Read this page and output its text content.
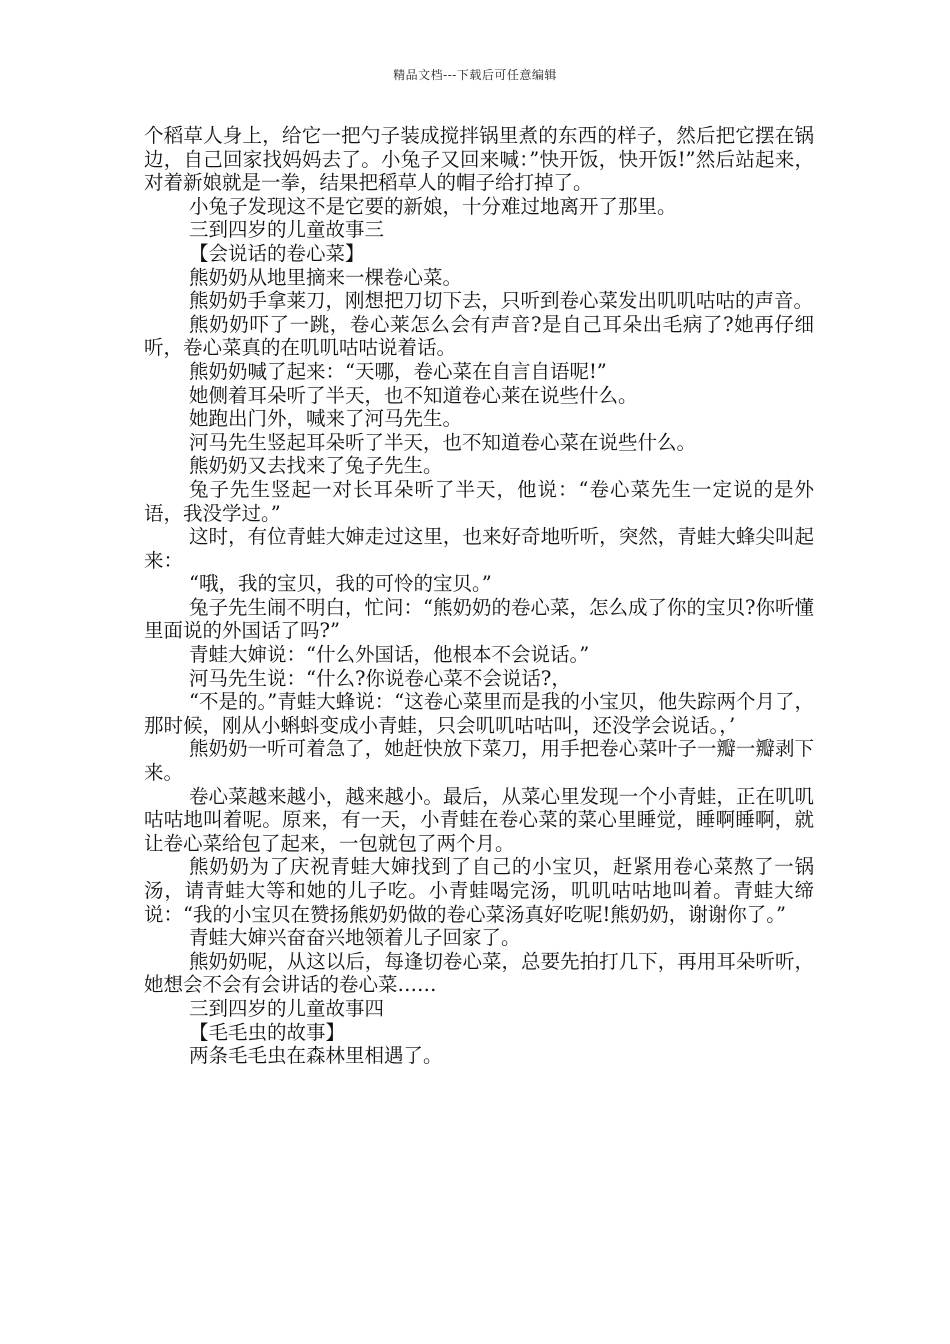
精品文档---下载后可任意编辑

个稻草人身上，给它一把勺子装成搅拌锅里煮的东西的样子，然后把它摆在锅边，自己回家找妈妈去了。小兔子又回来喊：”快开饭，快开饭!”然后站起来，对着新娘就是一拳，结果把稻草人的帽子给打掉了。

小兔子发现这不是它要的新娘，十分难过地离开了那里。

三到四岁的儿童故事三

【会说话的卷心菜】

熊奶奶从地里摘来一棵卷心菜。

熊奶奶手拿莱刀，刚想把刀切下去，只听到卷心菜发出叽叽咕咕的声音。

熊奶奶吓了一跳，卷心莱怎么会有声音?是自己耳朵出毛病了?她再仔细听，卷心菜真的在叽叽咕咕说着话。

熊奶奶喊了起来：“天哪，卷心菜在自言自语呢!”

她侧着耳朵听了半天，也不知道卷心莱在说些什么。

她跑出门外，喊来了河马先生。

河马先生竖起耳朵听了半天，也不知道卷心菜在说些什么。

熊奶奶又去找来了兔子先生。

兔子先生竖起一对长耳朵听了半天，他说：“卷心菜先生一定说的是外语，我没学过。”

这时，有位青蛙大婶走过这里，也来好奇地听听，突然，青蛙大蜂尖叫起来：

“哦，我的宝贝，我的可怜的宝贝。”

兔子先生闹不明白，忙问：“熊奶奶的卷心菜，怎么成了你的宝贝?你听懂里面说的外国话了吗?”

青蛙大婶说：“什么外国话，他根本不会说话。”

河马先生说：“什么?你说卷心菜不会说话?，

“不是的。”青蛙大蜂说：“这卷心菜里而是我的小宝贝，他失踪两个月了，那时候，刚从小蝌蚪变成小青蛙，只会叽叽咕咕叫，还没学会说话。，’

熊奶奶一听可着急了，她赶快放下菜刀，用手把卷心菜叶子一瓣一瓣剥下来。

卷心菜越来越小，越来越小。最后，从菜心里发现一个小青蛙，正在叽叽咕咕地叫着呢。原来，有一天，小青蛙在卷心菜的菜心里睡觉，睡啊睡啊，就让卷心菜给包了起来，一包就包了两个月。

熊奶奶为了庆祝青蛙大婶找到了自己的小宝贝，赶紧用卷心菜熬了一锅汤，请青蛙大等和她的儿子吃。小青蛙喝完汤，叽叽咕咕地叫着。青蛙大缔说：“我的小宝贝在赞扬熊奶奶做的卷心菜汤真好吃呢!熊奶奶，谢谢你了。”

青蛙大婶兴奋奋兴地领着儿子回家了。

熊奶奶呢，从这以后，每逢切卷心菜，总要先拍打几下，再用耳朵听听，她想会不会有会讲话的卷心菜……

三到四岁的儿童故事四

【毛毛虫的故事】

两条毛毛虫在森林里相遇了。
